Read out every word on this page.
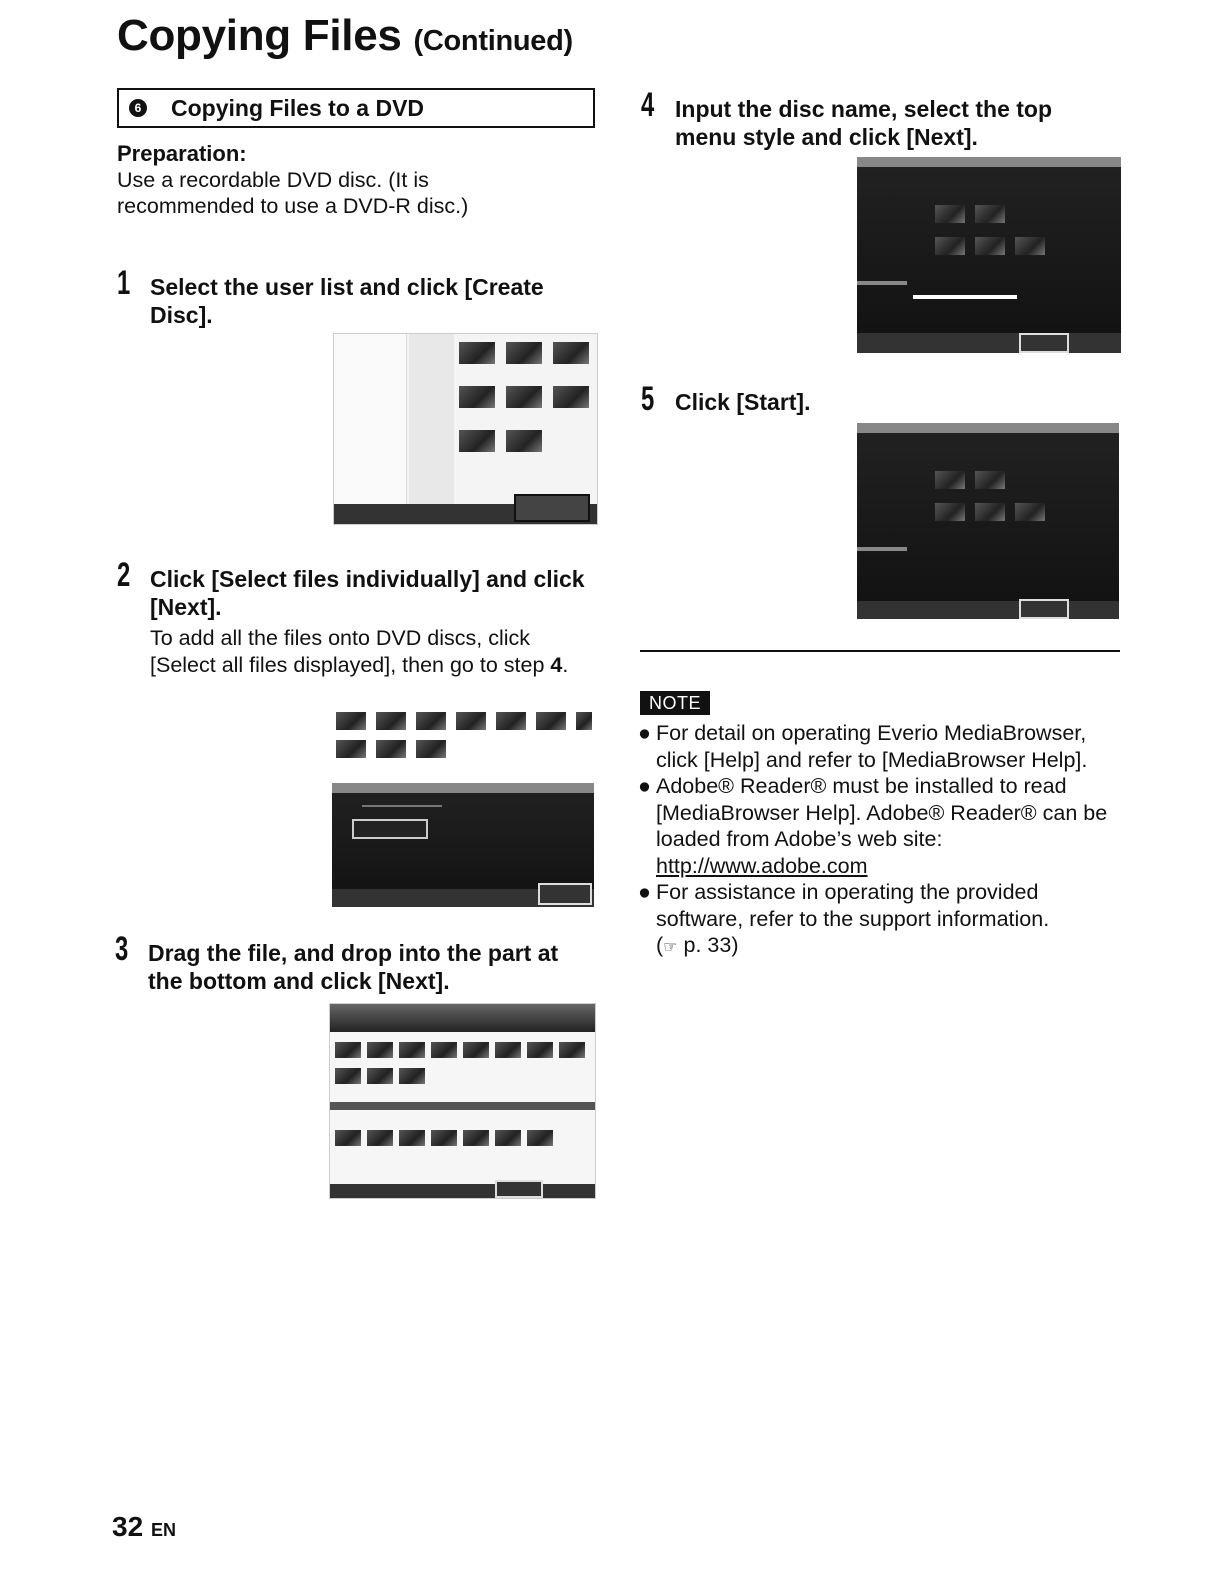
Copying Files (Continued)
6 Copying Files to a DVD
Preparation:
Use a recordable DVD disc. (It is recommended to use a DVD-R disc.)
1 Select the user list and click [Create Disc].
2 Click [Select files individually] and click [Next].
To add all the files onto DVD discs, click [Select all files displayed], then go to step 4.
3 Drag the file, and drop into the part at the bottom and click [Next].
4 Input the disc name, select the top menu style and click [Next].
5 Click [Start].
NOTE
● For detail on operating Everio MediaBrowser, click [Help] and refer to [MediaBrowser Help].
● Adobe® Reader® must be installed to read [MediaBrowser Help]. Adobe® Reader® can be loaded from Adobe’s web site:
http://www.adobe.com
● For assistance in operating the provided software, refer to the support information.
(☞ p. 33)
32 EN
